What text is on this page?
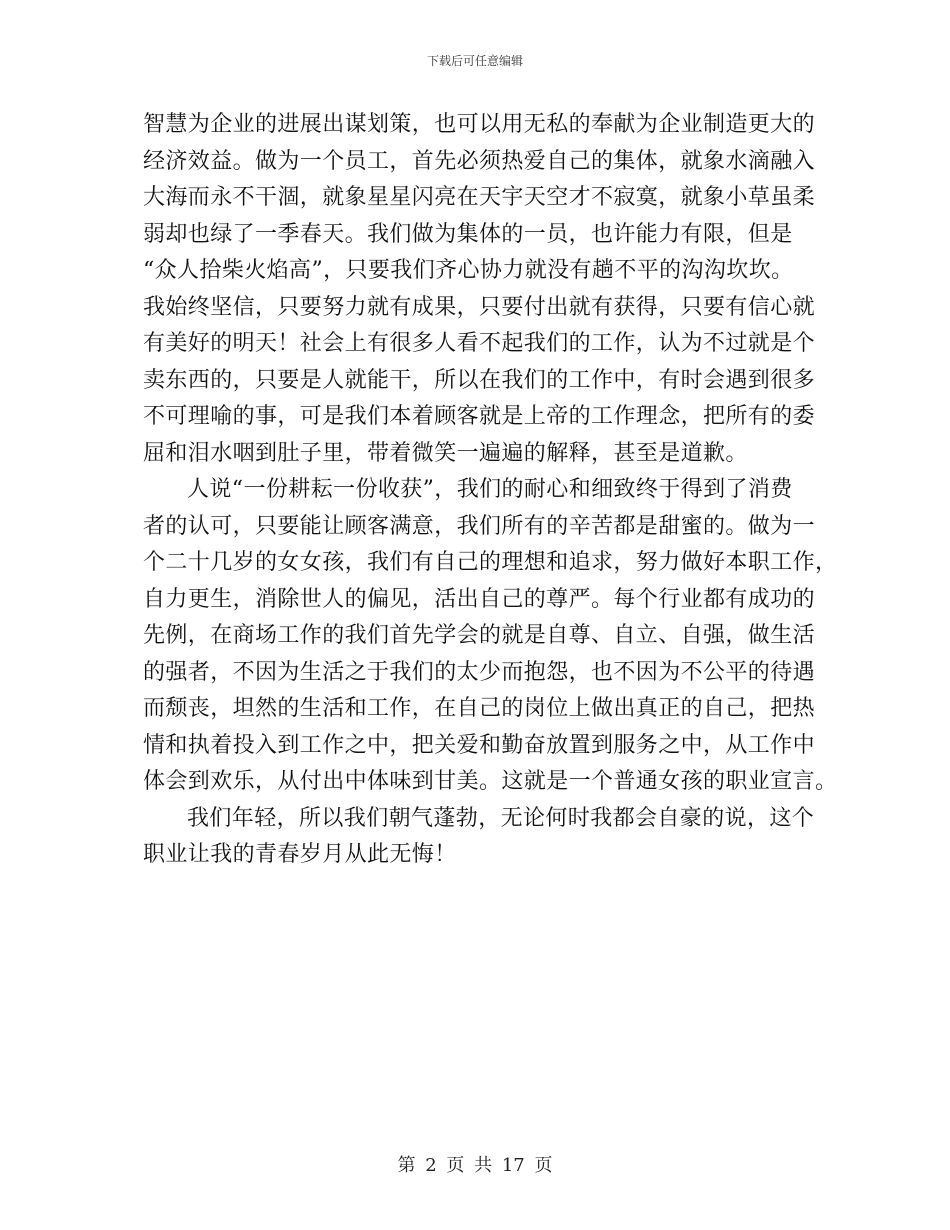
下载后可任意编辑
智慧为企业的进展出谋划策，也可以用无私的奉献为企业制造更大的
经济效益。做为一个员工，首先必须热爱自己的集体，就象水滴融入
大海而永不干涸，就象星星闪亮在天宇天空才不寂寞，就象小草虽柔
弱却也绿了一季春天。我们做为集体的一员，也许能力有限，但是
“众人拾柴火焰高”，只要我们齐心协力就没有趟不平的沟沟坎坎。
我始终坚信，只要努力就有成果，只要付出就有获得，只要有信心就
有美好的明天！社会上有很多人看不起我们的工作，认为不过就是个
卖东西的，只要是人就能干，所以在我们的工作中，有时会遇到很多
不可理喻的事，可是我们本着顾客就是上帝的工作理念，把所有的委
屈和泪水咽到肚子里，带着微笑一遍遍的解释，甚至是道歉。
人说“一份耕耘一份收获”，我们的耐心和细致终于得到了消费
者的认可，只要能让顾客满意，我们所有的辛苦都是甜蜜的。做为一
个二十几岁的女女孩，我们有自己的理想和追求，努力做好本职工作，
自力更生，消除世人的偏见，活出自己的尊严。每个行业都有成功的
先例，在商场工作的我们首先学会的就是自尊、自立、自强，做生活
的强者，不因为生活之于我们的太少而抱怨，也不因为不公平的待遇
而颓丧，坦然的生活和工作，在自己的岗位上做出真正的自己，把热
情和执着投入到工作之中，把关爱和勤奋放置到服务之中，从工作中
体会到欢乐，从付出中体味到甘美。这就是一个普通女孩的职业宣言。
我们年轻，所以我们朝气蓬勃，无论何时我都会自豪的说，这个
职业让我的青春岁月从此无悔！
第 2 页 共 17 页
